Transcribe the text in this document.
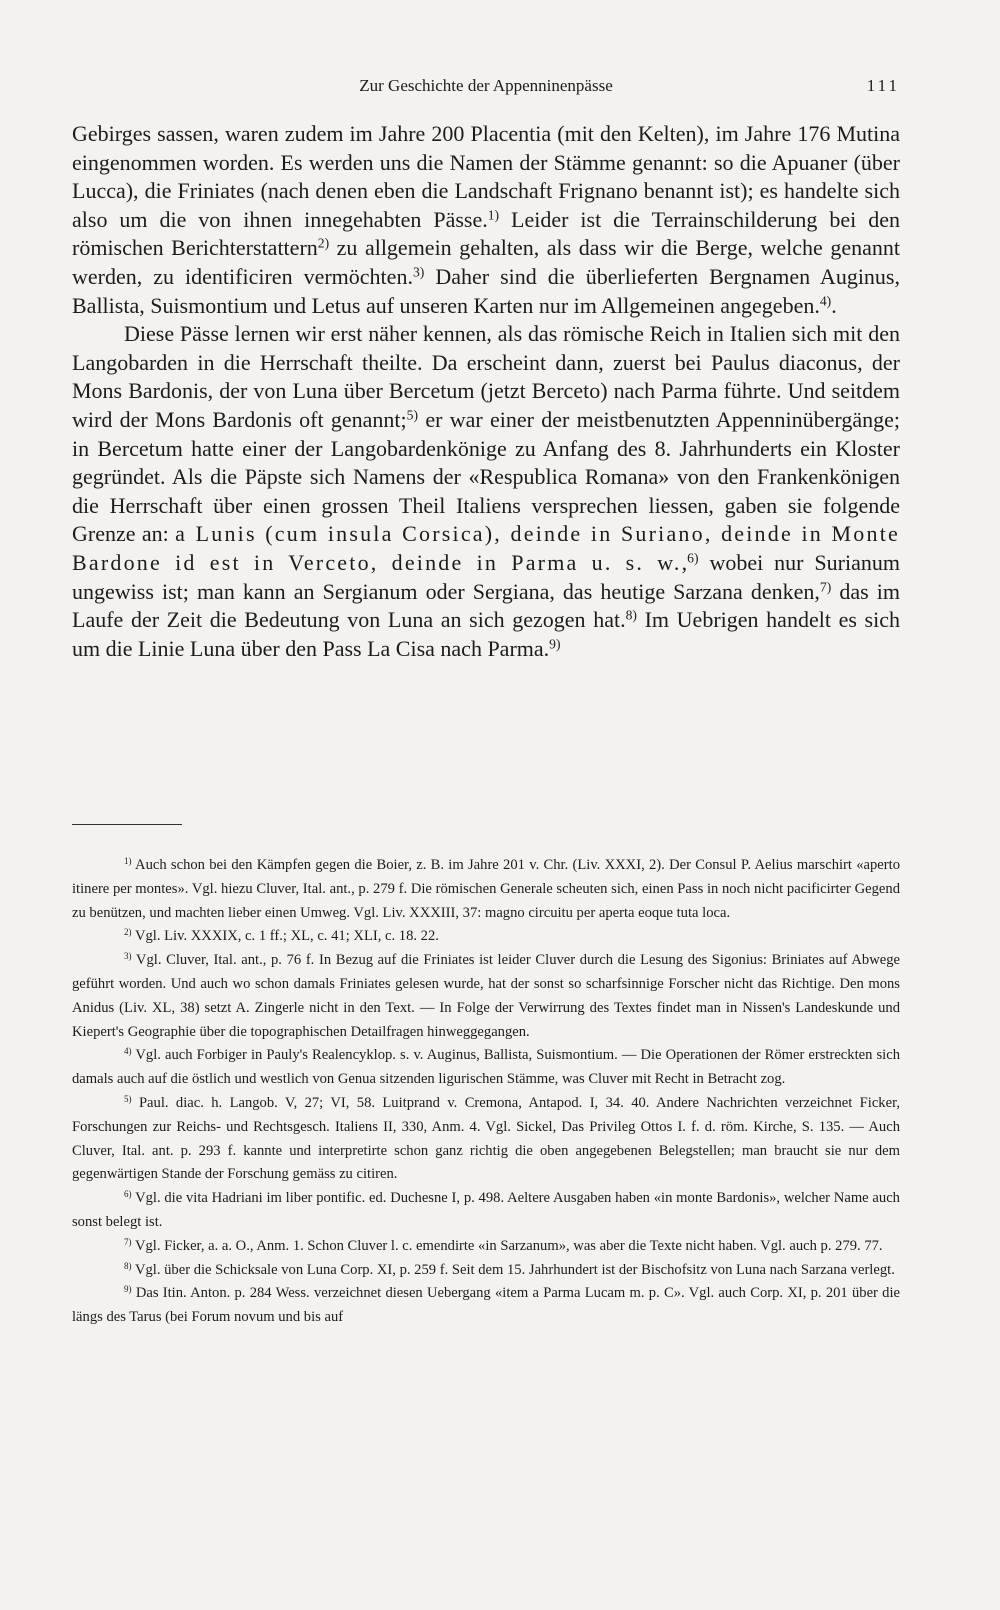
Zur Geschichte der Appenninenpässe	111

Gebirges sassen, waren zudem im Jahre 200 Placentia (mit den Kelten), im Jahre 176 Mutina eingenommen worden. Es werden uns die Namen der Stämme genannt: so die Apuaner (über Lucca), die Friniates (nach denen eben die Landschaft Frignano benannt ist); es handelte sich also um die von ihnen innegehabten Pässe.$^{1)}$ Leider ist die Terrainschilderung bei den römischen Berichterstattern$^{2)}$ zu allgemein gehalten, als dass wir die Berge, welche genannt werden, zu identificiren vermöchten.$^{3)}$ Daher sind die überlieferten Bergnamen Auginus, Ballista, Suismontium und Letus auf unseren Karten nur im Allgemeinen angegeben.$^{4)}$.

Diese Pässe lernen wir erst näher kennen, als das römische Reich in Italien sich mit den Langobarden in die Herrschaft theilte. Da erscheint dann, zuerst bei Paulus diaconus, der Mons Bardonis, der von Luna über Bercetum (jetzt Berceto) nach Parma führte. Und seitdem wird der Mons Bardonis oft genannt;$^{5)}$ er war einer der meistbenutzten Appenninübergänge; in Bercetum hatte einer der Langobardenkönige zu Anfang des 8. Jahrhunderts ein Kloster gegründet. Als die Päpste sich Namens der «Respublica Romana» von den Frankenkönigen die Herrschaft über einen grossen Theil Italiens versprechen liessen, gaben sie folgende Grenze an: a Lunis (cum insula Corsica), deinde in Suriano, deinde in Monte Bardone id est in Verceto, deinde in Parma u. s. w.,$^{6)}$ wobei nur Surianum ungewiss ist; man kann an Sergianum oder Sergiana, das heutige Sarzana denken,$^{7)}$ das im Laufe der Zeit die Bedeutung von Luna an sich gezogen hat.$^{8)}$ Im Uebrigen handelt es sich um die Linie Luna über den Pass La Cisa nach Parma.$^{9)}$

$^{1)}$ Auch schon bei den Kämpfen gegen die Boier, z. B. im Jahre 201 v. Chr. (Liv. XXXI, 2). Der Consul P. Aelius marschirt «aperto itinere per montes». Vgl. hiezu Cluver, Ital. ant., p. 279 f. Die römischen Generale scheuten sich, einen Pass in noch nicht pacificirter Gegend zu benützen, und machten lieber einen Umweg. Vgl. Liv. XXXIII, 37: magno circuitu per aperta eoque tuta loca.

$^{2)}$ Vgl. Liv. XXXIX, c. 1 ff.; XL, c. 41; XLI, c. 18. 22.

$^{3)}$ Vgl. Cluver, Ital. ant., p. 76 f. In Bezug auf die Friniates ist leider Cluver durch die Lesung des Sigonius: Briniates auf Abwege geführt worden. Und auch wo schon damals Friniates gelesen wurde, hat der sonst so scharfsinnige Forscher nicht das Richtige. Den mons Anidus (Liv. XL, 38) setzt A. Zingerle nicht in den Text. — In Folge der Verwirrung des Textes findet man in Nissen's Landeskunde und Kiepert's Geographie über die topographischen Detailfragen hinweggegangen.

$^{4)}$ Vgl. auch Forbiger in Pauly's Realencyklop. s. v. Auginus, Ballista, Suismontium. — Die Operationen der Römer erstreckten sich damals auch auf die östlich und westlich von Genua sitzenden ligurischen Stämme, was Cluver mit Recht in Betracht zog.

$^{5)}$ Paul. diac. h. Langob. V, 27; VI, 58. Luitprand v. Cremona, Antapod. I, 34. 40. Andere Nachrichten verzeichnet Ficker, Forschungen zur Reichs- und Rechtsgesch. Italiens II, 330, Anm. 4. Vgl. Sickel, Das Privileg Ottos I. f. d. röm. Kirche, S. 135. — Auch Cluver, Ital. ant. p. 293 f. kannte und interpretirte schon ganz richtig die oben angegebenen Belegstellen; man braucht sie nur dem gegenwärtigen Stande der Forschung gemäss zu citiren.

$^{6)}$ Vgl. die vita Hadriani im liber pontific. ed. Duchesne I, p. 498. Aeltere Ausgaben haben «in monte Bardonis», welcher Name auch sonst belegt ist.

$^{7)}$ Vgl. Ficker, a. a. O., Anm. 1. Schon Cluver l. c. emendirte «in Sarzanum», was aber die Texte nicht haben. Vgl. auch p. 279. 77.

$^{8)}$ Vgl. über die Schicksale von Luna Corp. XI, p. 259 f. Seit dem 15. Jahrhundert ist der Bischofsitz von Luna nach Sarzana verlegt.

$^{9)}$ Das Itin. Anton. p. 284 Wess. verzeichnet diesen Uebergang «item a Parma Lucam m. p. C». Vgl. auch Corp. XI, p. 201 über die längs des Tarus (bei Forum novum und bis auf
